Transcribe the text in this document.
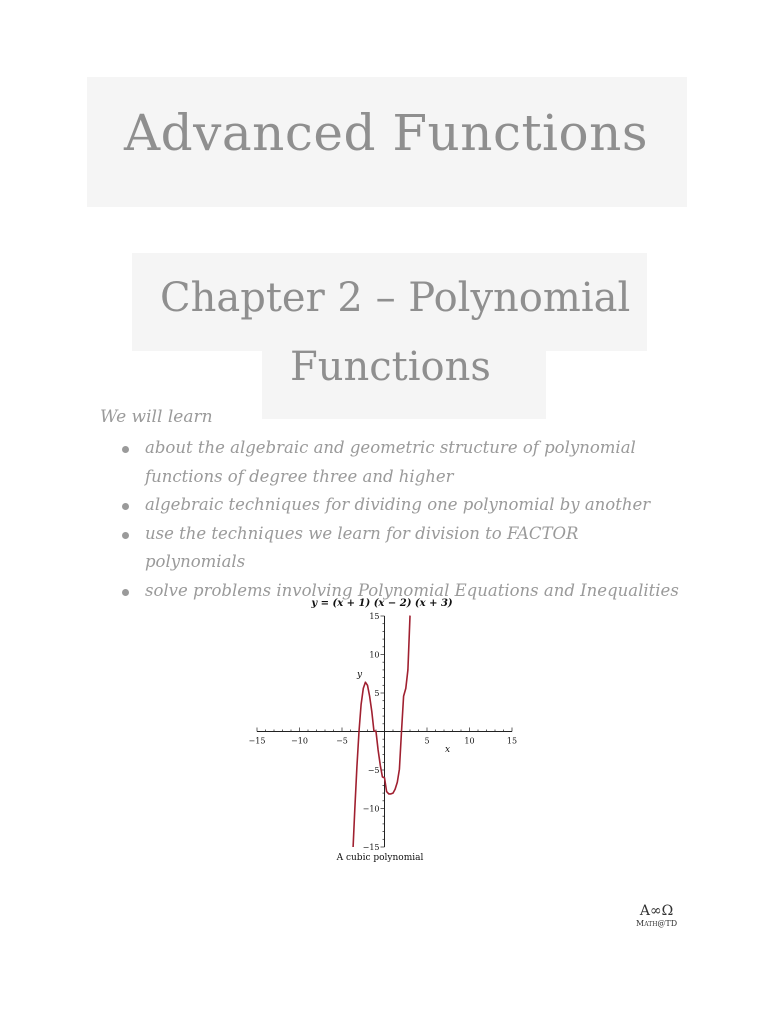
Advanced Functions
Chapter 2 – Polynomial
Functions
We will learn
about the algebraic and geometric structure of polynomial functions of degree three and higher
algebraic techniques for dividing one polynomial by another
use the techniques we learn for division to FACTOR polynomials
solve problems involving Polynomial Equations and Inequalities
y = (x + 1) (x − 2) (x + 3)
A cubic polynomial
x
y
−15	−10	−5	5	10	15
−15
−10
−5
5
10
15
A∞Ω
Math@TD
